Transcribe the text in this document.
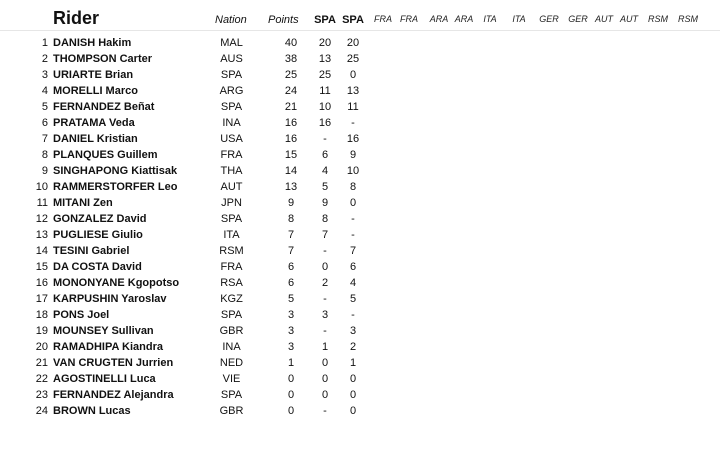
Rider	Nation Points	SPA SPA	FRA FRA	ARA ARA	ITA	ITA	GER	GER AUT AUT	RSM	RSM
1 DANISH Hakim	MAL	40	20	20
2 THOMPSON Carter	AUS	38	13	25
3 URIARTE Brian	SPA	25	25	0
4 MORELLI Marco	ARG	24	11	13
5 FERNANDEZ Beñat	SPA	21	10	11
6 PRATAMA Veda	INA	16	16	-
7 DANIEL Kristian	USA	16	-	16
8 PLANQUES Guillem	FRA	15	6	9
9 SINGHAPONG Kiattisak	THA	14	4	10
10 RAMMERSTORFER Leo	AUT	13	5	8
11 MITANI Zen	JPN	9	9	0
12 GONZALEZ David	SPA	8	8	-
13 PUGLIESE Giulio	ITA	7	7	-
14 TESINI Gabriel	RSM	7	-	7
15 DA COSTA David	FRA	6	0	6
16 MONONYANE Kgopotso	RSA	6	2	4
17 KARPUSHIN Yaroslav	KGZ	5	-	5
18 PONS Joel	SPA	3	3	-
19 MOUNSEY Sullivan	GBR	3	-	3
20 RAMADHIPA Kiandra	INA	3	1	2
21 VAN CRUGTEN Jurrien	NED	1	0	1
22 AGOSTINELLI Luca	VIE	0	0	0
23 FERNANDEZ Alejandra	SPA	0	0	0
24 BROWN Lucas	GBR	0	-	0
